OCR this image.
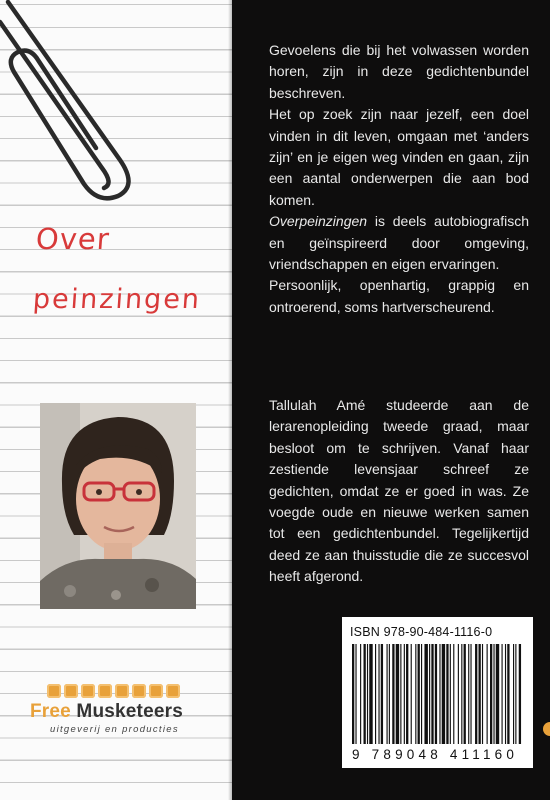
Over
peinzingen
Free Musketeers
uitgeverij en producties

Gevoelens die bij het volwassen worden horen, zijn in deze gedichtenbundel beschreven.

Het op zoek zijn naar jezelf, een doel vinden in dit leven, omgaan met ‘anders zijn’ en je eigen weg vinden en gaan, zijn een aantal onderwerpen die aan bod komen.

Overpeinzingen is deels autobiografisch en geïnspireerd door omgeving, vriendschappen en eigen ervaringen.

Persoonlijk, openhartig, grappig en ontroerend, soms hartverscheurend.

Tallulah Amé studeerde aan de lerarenopleiding tweede graad, maar besloot om te schrijven. Vanaf haar zestiende levensjaar schreef ze gedichten, omdat ze er goed in was. Ze voegde oude en nieuwe werken samen tot een gedichtenbundel. Tegelijkertijd deed ze aan thuisstudie die ze succesvol heeft afgerond.

ISBN 978-90-484-1116-0
9 789048 411160
